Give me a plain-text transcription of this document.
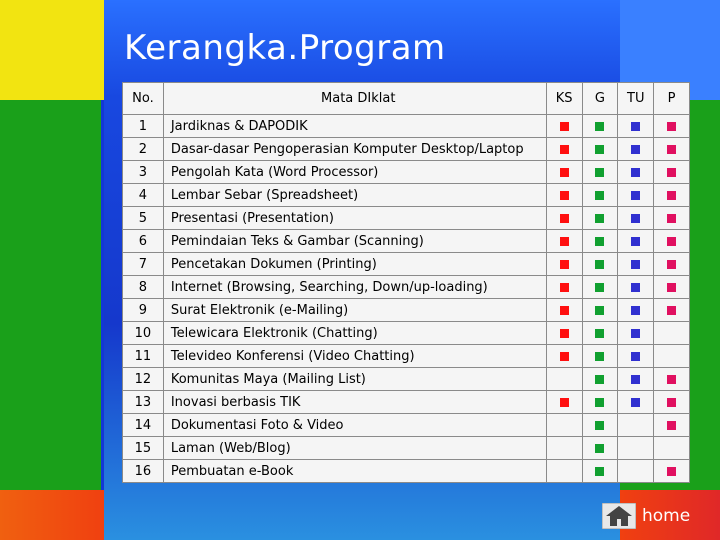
Kerangka.Program
No.	Mata DIklat	KS	G	TU	P
1	Jardiknas & DAPODIK				
2	Dasar-dasar Pengoperasian Komputer Desktop/Laptop				
3	Pengolah Kata (Word Processor)				
4	Lembar Sebar (Spreadsheet)				
5	Presentasi (Presentation)				
6	Pemindaian Teks & Gambar (Scanning)				
7	Pencetakan Dokumen (Printing)				
8	Internet (Browsing, Searching, Down/up-loading)				
9	Surat Elektronik (e-Mailing)				
10	Telewicara Elektronik (Chatting)				
11	Televideo Konferensi (Video Chatting)				
12	Komunitas Maya (Mailing List)				
13	Inovasi berbasis TIK				
14	Dokumentasi Foto & Video				
15	Laman (Web/Blog)				
16	Pembuatan e-Book				
home
